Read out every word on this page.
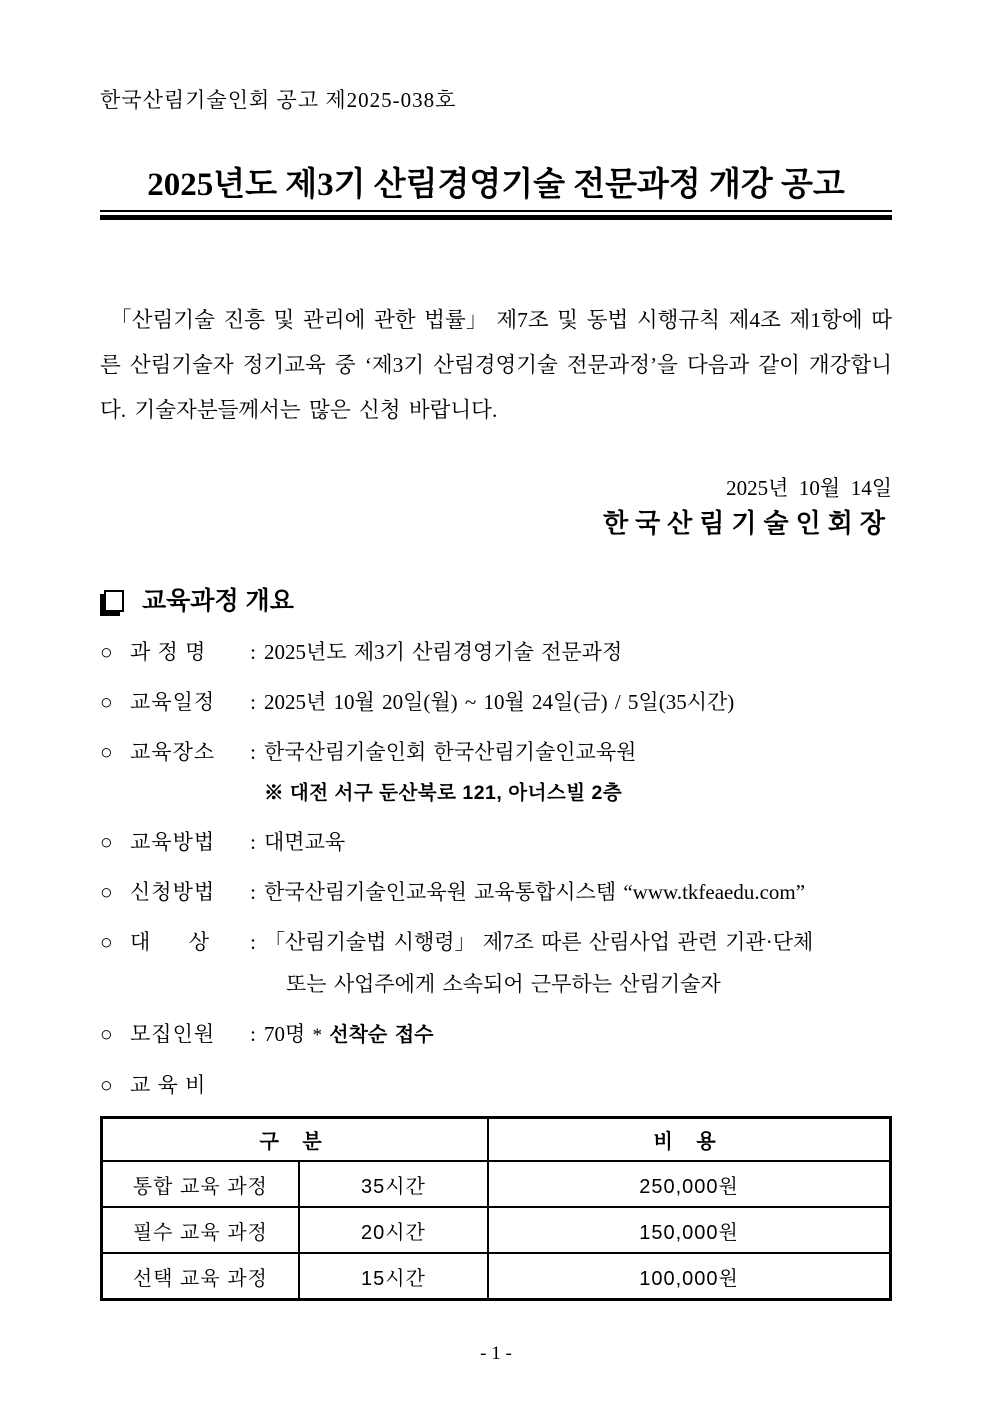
한국산림기술인회 공고 제2025-038호
2025년도 제3기 산림경영기술 전문과정 개강 공고

「산림기술 진흥 및 관리에 관한 법률」 제7조 및 동법 시행규칙 제4조 제1항에 따른 산림기술자 정기교육 중 ‘제3기 산림경영기술 전문과정’을 다음과 같이 개강합니다. 기술자분들께서는 많은 신청 바랍니다.

2025년  10월  14일
한국산림기술인회장
교육과정 개요
○ 과 정 명	: 2025년도 제3기 산림경영기술 전문과정
○ 교육일정	: 2025년 10월 20일(월) ~ 10월 24일(금) / 5일(35시간)
○ 교육장소	: 한국산림기술인회 한국산림기술인교육원
※ 대전 서구 둔산북로 121, 아너스빌 2층
○ 교육방법	: 대면교육
○ 신청방법	: 한국산림기술인교육원 교육통합시스템 “www.tkfeaedu.com”
○ 대      상	: 「산림기술법 시행령」 제7조 따른 산림사업 관련 기관·단체
또는 사업주에게 소속되어 근무하는 산림기술자
○ 모집인원	: 70명 * 선착순 접수
○ 교 육 비
구 분		비 용
통합 교육 과정	35시간	250,000원
필수 교육 과정	20시간	150,000원
선택 교육 과정	15시간	100,000원
- 1 -
